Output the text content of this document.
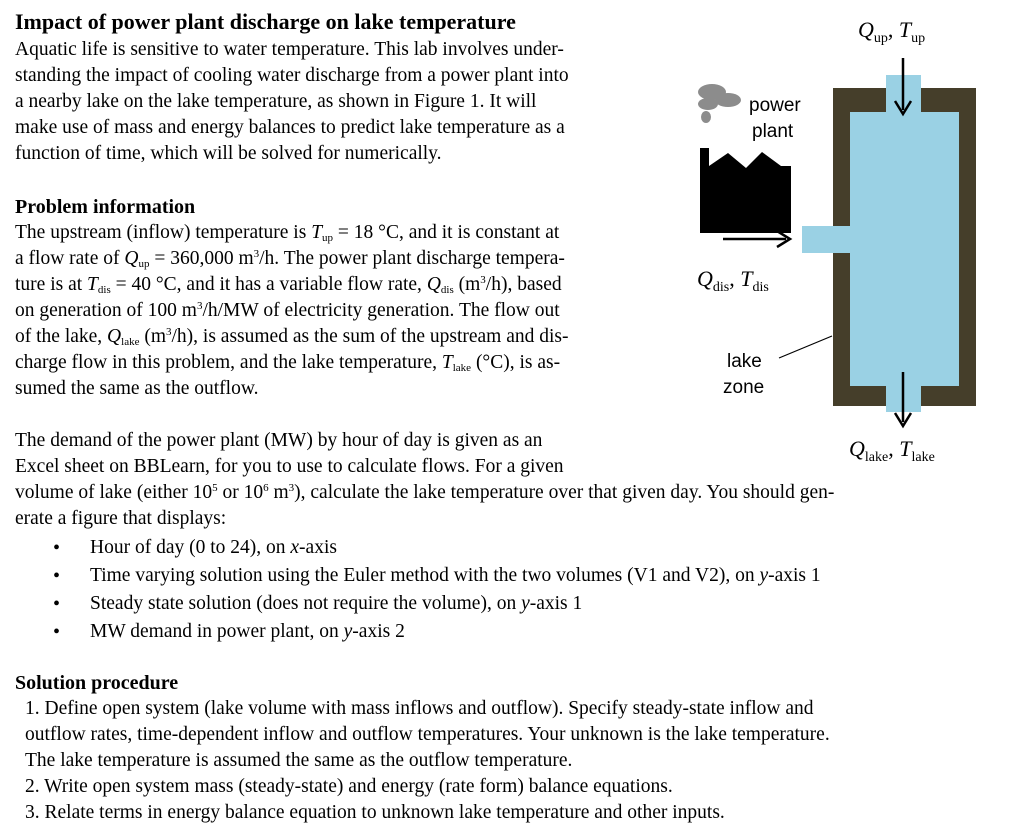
Impact of power plant discharge on lake temperature
Aquatic life is sensitive to water temperature. This lab involves under-
standing the impact of cooling water discharge from a power plant into
a nearby lake on the lake temperature, as shown in Figure 1. It will
make use of mass and energy balances to predict lake temperature as a
function of time, which will be solved for numerically.
Problem information
The upstream (inflow) temperature is $T_{up} = 18$ °C, and it is constant at
a flow rate of $Q_{up} = 360,000$ $m^3/h$. The power plant discharge tempera-
ture is at $T_{dis} = 40$ °C, and it has a variable flow rate, $Q_{dis}$ $(m^3/h)$, based
on generation of 100 $m^3/h/MW$ of electricity generation. The flow out
of the lake, $Q_{lake}$ $(m^3/h)$, is assumed as the sum of the upstream and dis-
charge flow in this problem, and the lake temperature, $T_{lake}$ (°C), is as-
sumed the same as the outflow.
The demand of the power plant (MW) by hour of day is given as an
Excel sheet on BBLearn, for you to use to calculate flows. For a given
volume of lake (either $10^5$ or $10^6$ $m^3$), calculate the lake temperature over that given day. You should gen-
erate a figure that displays:
• Hour of day (0 to 24), on x-axis
• Time varying solution using the Euler method with the two volumes (V1 and V2), on y-axis 1
• Steady state solution (does not require the volume), on y-axis 1
• MW demand in power plant, on y-axis 2
Solution procedure
1. Define open system (lake volume with mass inflows and outflow). Specify steady-state inflow and
outflow rates, time-dependent inflow and outflow temperatures. Your unknown is the lake temperature.
The lake temperature is assumed the same as the outflow temperature.
2. Write open system mass (steady-state) and energy (rate form) balance equations.
3. Relate terms in energy balance equation to unknown lake temperature and other inputs.
$Q_{up}$, $T_{up}$
power
plant
$Q_{dis}$, $T_{dis}$
lake
zone
$Q_{lake}$, $T_{lake}$
